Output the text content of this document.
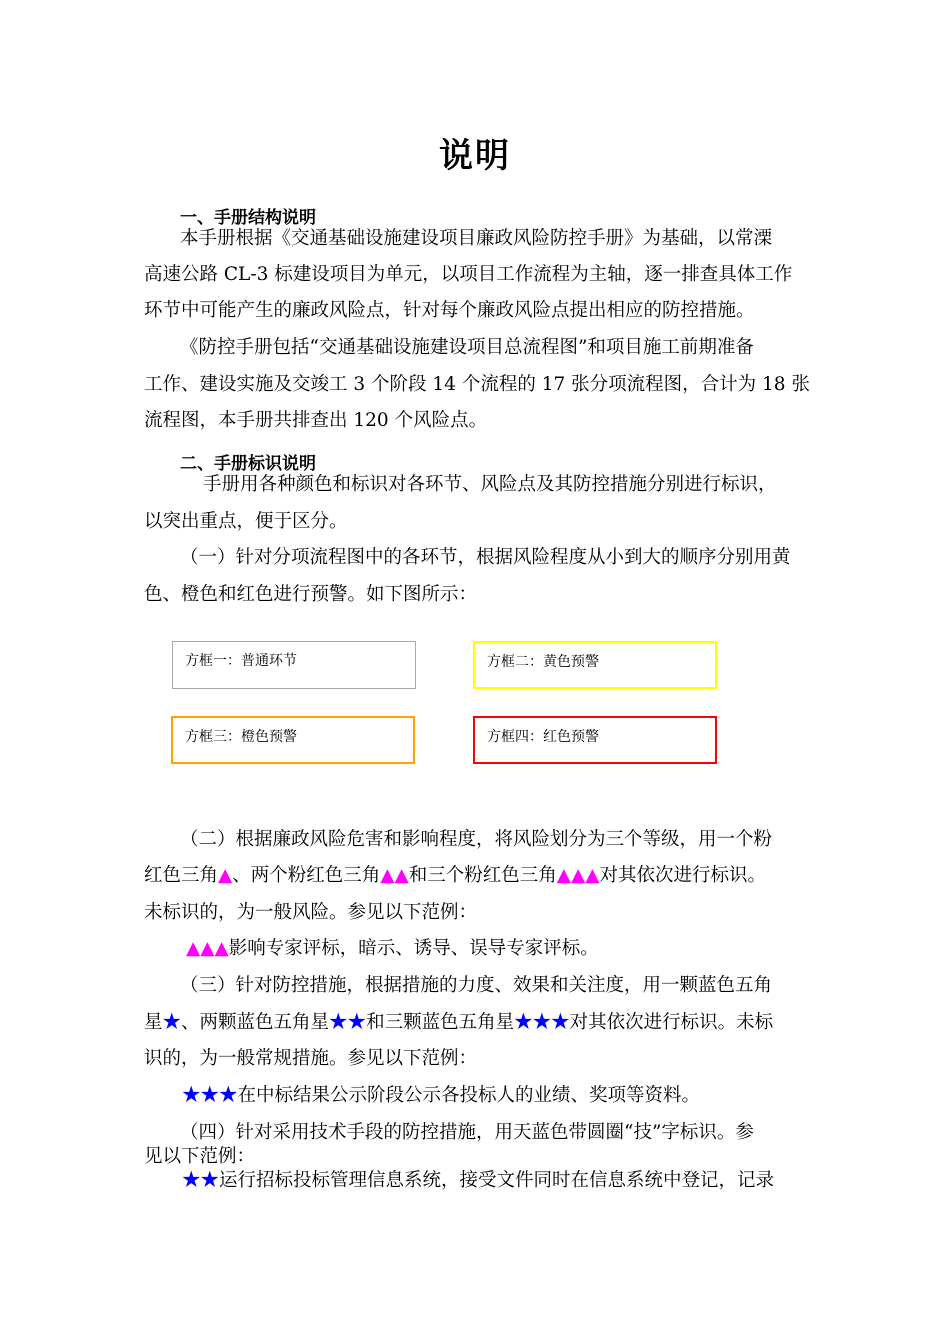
说明
一、手册结构说明
本手册根据《交通基础设施建设项目廉政风险防控手册》为基础，以常溧
高速公路 CL-3 标建设项目为单元，以项目工作流程为主轴，逐一排查具体工作
环节中可能产生的廉政风险点，针对每个廉政风险点提出相应的防控措施。
《防控手册包括“交通基础设施建设项目总流程图”和项目施工前期准备
工作、建设实施及交竣工 3 个阶段 14 个流程的 17 张分项流程图，合计为 18 张
流程图，本手册共排查出 120 个风险点。
二、手册标识说明
手册用各种颜色和标识对各环节、风险点及其防控措施分别进行标识，
以突出重点，便于区分。
（一）针对分项流程图中的各环节，根据风险程度从小到大的顺序分别用黄
色、橙色和红色进行预警。如下图所示：
方框一：普通环节	方框二：黄色预警
方框三：橙色预警	方框四：红色预警
（二）根据廉政风险危害和影响程度，将风险划分为三个等级，用一个粉
红色三角▲、两个粉红色三角▲▲和三个粉红色三角▲▲▲对其依次进行标识。
未标识的，为一般风险。参见以下范例：
▲▲▲影响专家评标，暗示、诱导、误导专家评标。
（三）针对防控措施，根据措施的力度、效果和关注度，用一颗蓝色五角
星★、两颗蓝色五角星★★和三颗蓝色五角星★★★对其依次进行标识。未标
识的，为一般常规措施。参见以下范例：
★★★在中标结果公示阶段公示各投标人的业绩、奖项等资料。
（四）针对采用技术手段的防控措施，用天蓝色带圆圈“技”字标识。参
见以下范例：
★★运行招标投标管理信息系统，接受文件同时在信息系统中登记，记录
